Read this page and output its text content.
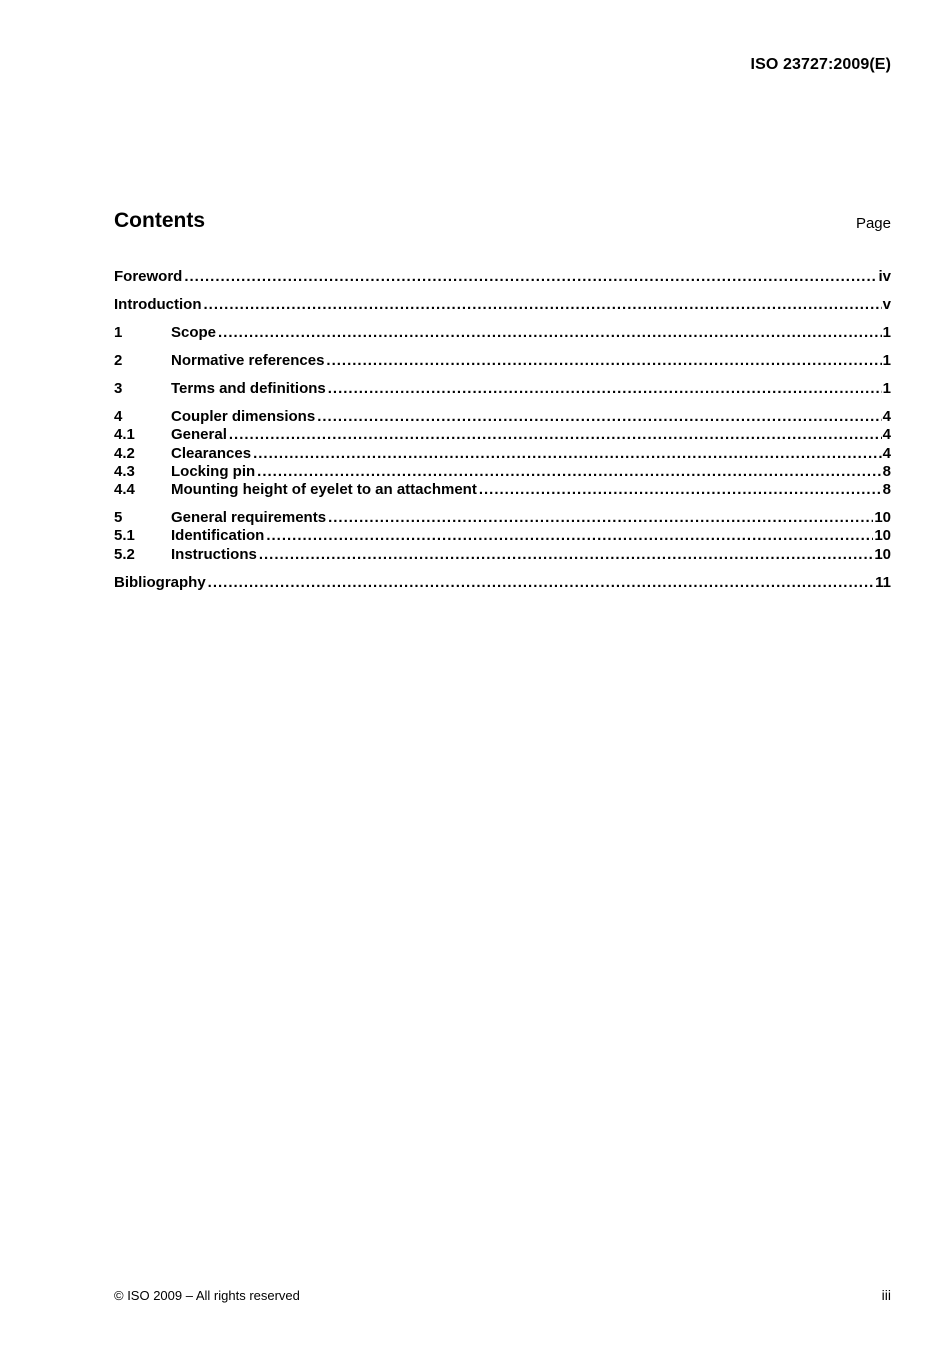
ISO 23727:2009(E)
Contents	Page
Foreword .....	iv
Introduction .....	v
1	Scope .....	1
2	Normative references .....	1
3	Terms and definitions .....	1
4	Coupler dimensions .....	4
4.1	General .....	4
4.2	Clearances .....	4
4.3	Locking pin .....	8
4.4	Mounting height of eyelet to an attachment .....	8
5	General requirements .....	10
5.1	Identification .....	10
5.2	Instructions .....	10
Bibliography .....	11
© ISO 2009 – All rights reserved	iii
